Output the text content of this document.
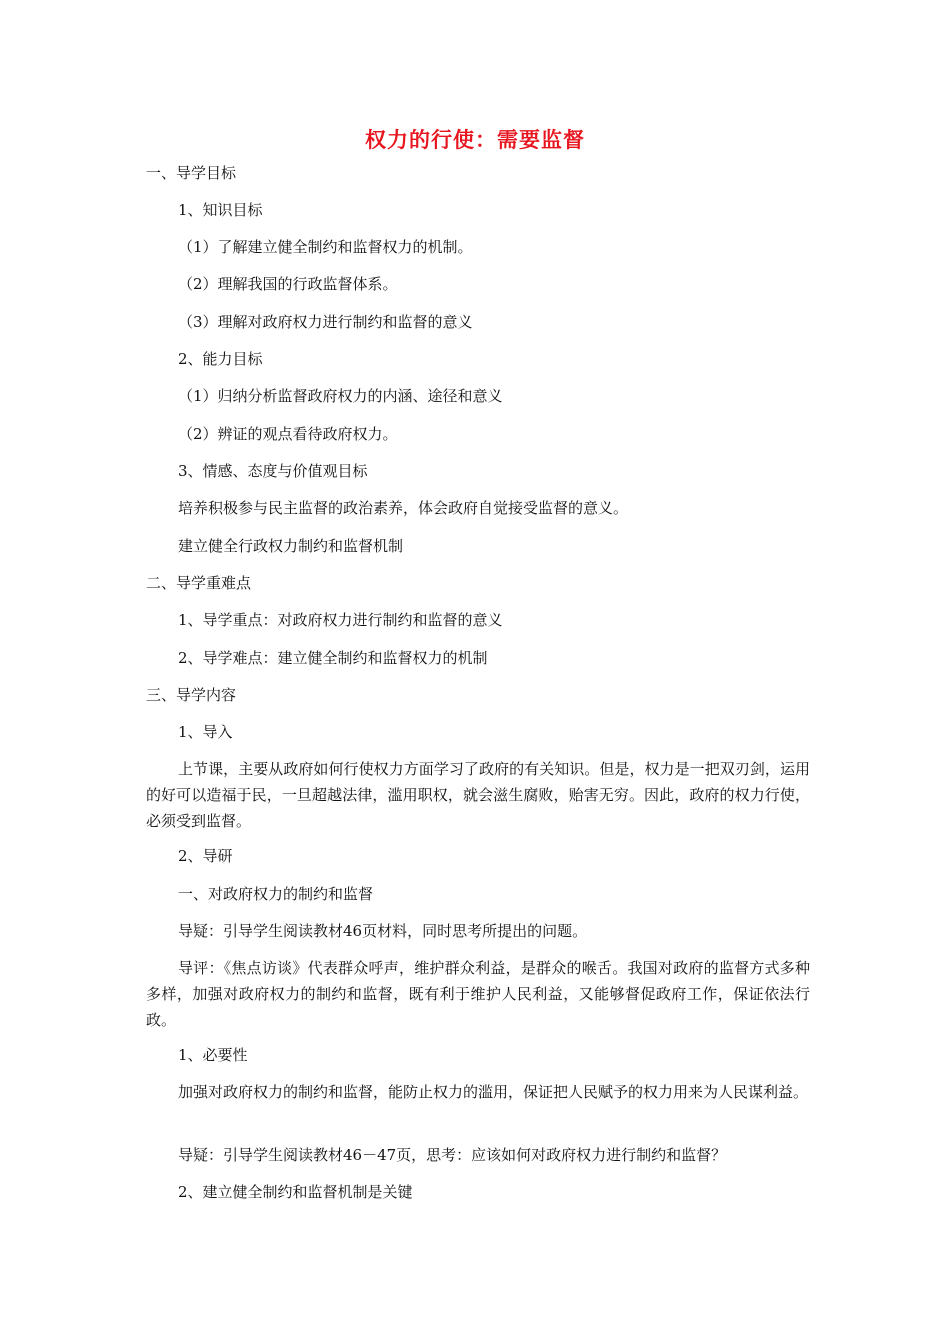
权力的行使：需要监督
一、导学目标
1、知识目标
（1）了解建立健全制约和监督权力的机制。
（2）理解我国的行政监督体系。
（3）理解对政府权力进行制约和监督的意义
2、能力目标
（1）归纳分析监督政府权力的内涵、途径和意义
（2）辨证的观点看待政府权力。
3、情感、态度与价值观目标
培养积极参与民主监督的政治素养，体会政府自觉接受监督的意义。
建立健全行政权力制约和监督机制
二、导学重难点
1、导学重点：对政府权力进行制约和监督的意义
2、导学难点：建立健全制约和监督权力的机制
三、导学内容
1、导入
上节课，主要从政府如何行使权力方面学习了政府的有关知识。但是，权力是一把双刃剑，运用的好可以造福于民，一旦超越法律，滥用职权，就会滋生腐败，贻害无穷。因此，政府的权力行使，必须受到监督。
2、导研
一、对政府权力的制约和监督
导疑：引导学生阅读教材46页材料，同时思考所提出的问题。
导评：《焦点访谈》代表群众呼声，维护群众利益，是群众的喉舌。我国对政府的监督方式多种多样，加强对政府权力的制约和监督，既有利于维护人民利益，又能够督促政府工作，保证依法行政。
1、必要性
加强对政府权力的制约和监督，能防止权力的滥用，保证把人民赋予的权力用来为人民谋利益。
导疑：引导学生阅读教材46－47页，思考：应该如何对政府权力进行制约和监督？
2、建立健全制约和监督机制是关键
